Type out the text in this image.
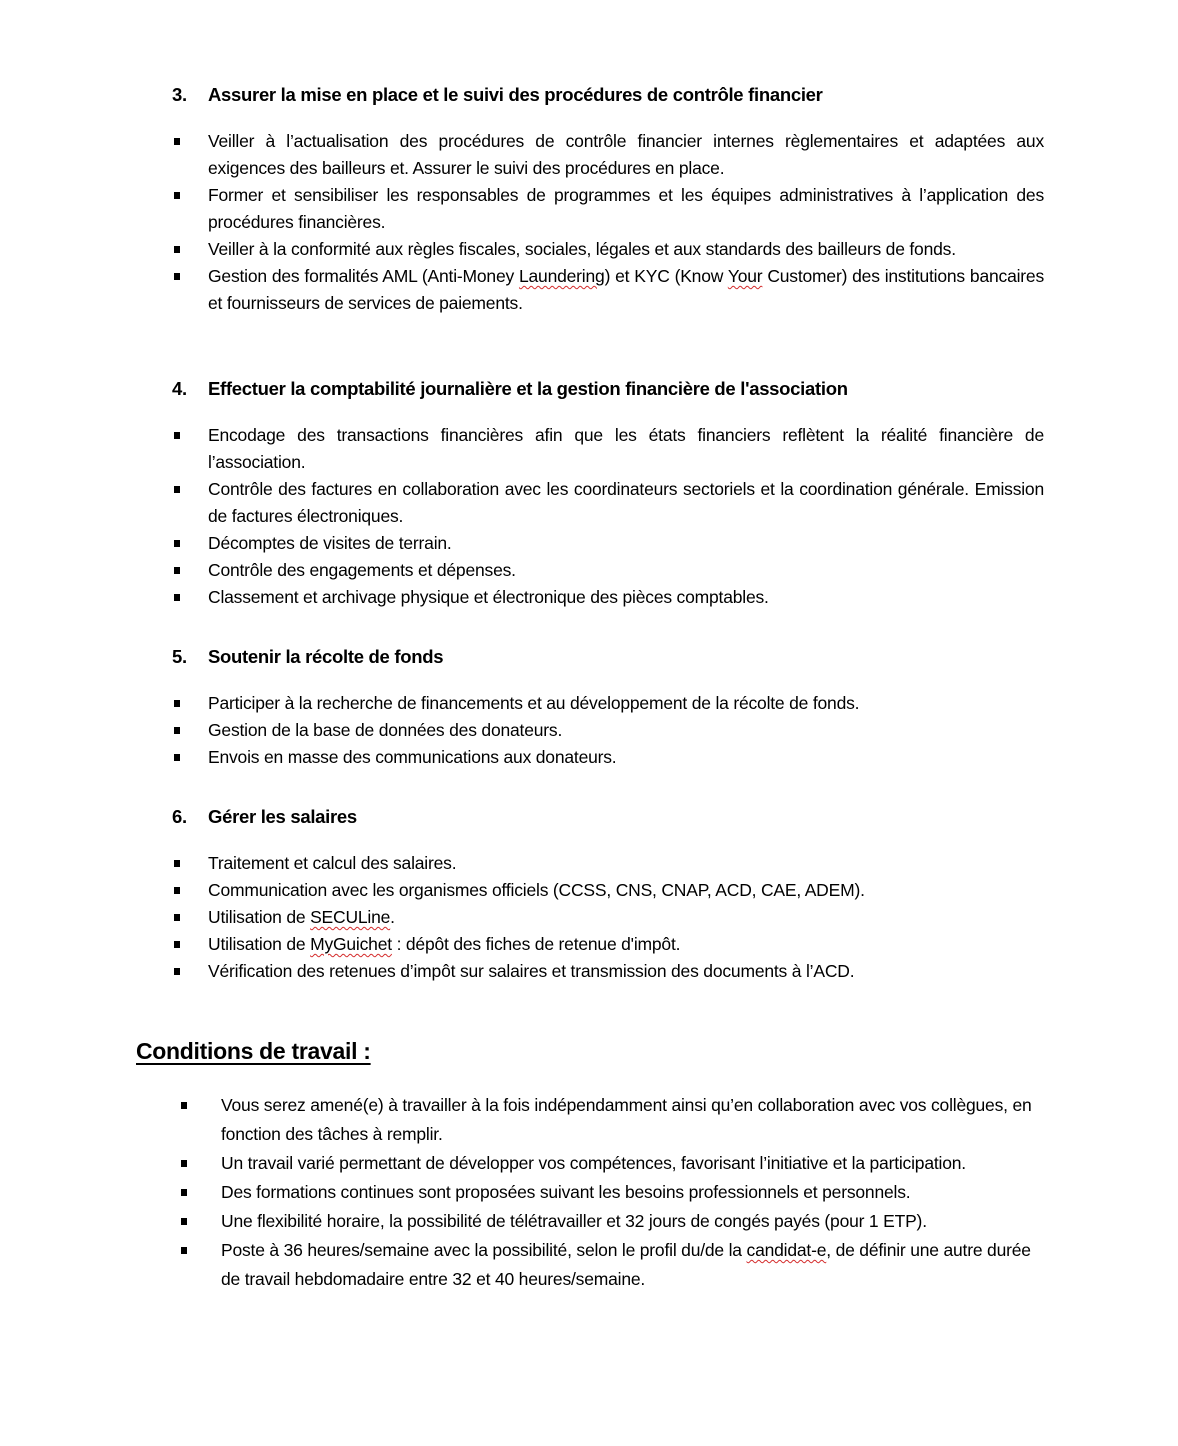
3. Assurer la mise en place et le suivi des procédures de contrôle financier
Veiller à l’actualisation des procédures de contrôle financier internes règlementaires et adaptées aux exigences des bailleurs et. Assurer le suivi des procédures en place.
Former et sensibiliser les responsables de programmes et les équipes administratives à l’application des procédures financières.
Veiller à la conformité aux règles fiscales, sociales, légales et aux standards des bailleurs de fonds.
Gestion des formalités AML (Anti-Money Laundering) et KYC (Know Your Customer) des institutions bancaires et fournisseurs de services de paiements.
4. Effectuer la comptabilité journalière et la gestion financière de l'association
Encodage des transactions financières afin que les états financiers reflètent la réalité financière de l’association.
Contrôle des factures en collaboration avec les coordinateurs sectoriels et la coordination générale. Emission de factures électroniques.
Décomptes de visites de terrain.
Contrôle des engagements et dépenses.
Classement et archivage physique et électronique des pièces comptables.
5. Soutenir la récolte de fonds
Participer à la recherche de financements et au développement de la récolte de fonds.
Gestion de la base de données des donateurs.
Envois en masse des communications aux donateurs.
6. Gérer les salaires
Traitement et calcul des salaires.
Communication avec les organismes officiels (CCSS, CNS, CNAP, ACD, CAE, ADEM).
Utilisation de SECULine.
Utilisation de MyGuichet : dépôt des fiches de retenue d'impôt.
Vérification des retenues d’impôt sur salaires et transmission des documents à l’ACD.
Conditions de travail :
Vous serez amené(e) à travailler à la fois indépendamment ainsi qu’en collaboration avec vos collègues, en fonction des tâches à remplir.
Un travail varié permettant de développer vos compétences, favorisant l’initiative et la participation.
Des formations continues sont proposées suivant les besoins professionnels et personnels.
Une flexibilité horaire, la possibilité de télétravailler et 32 jours de congés payés (pour 1 ETP).
Poste à 36 heures/semaine avec la possibilité, selon le profil du/de la candidat-e, de définir une autre durée de travail hebdomadaire entre 32 et 40 heures/semaine.
